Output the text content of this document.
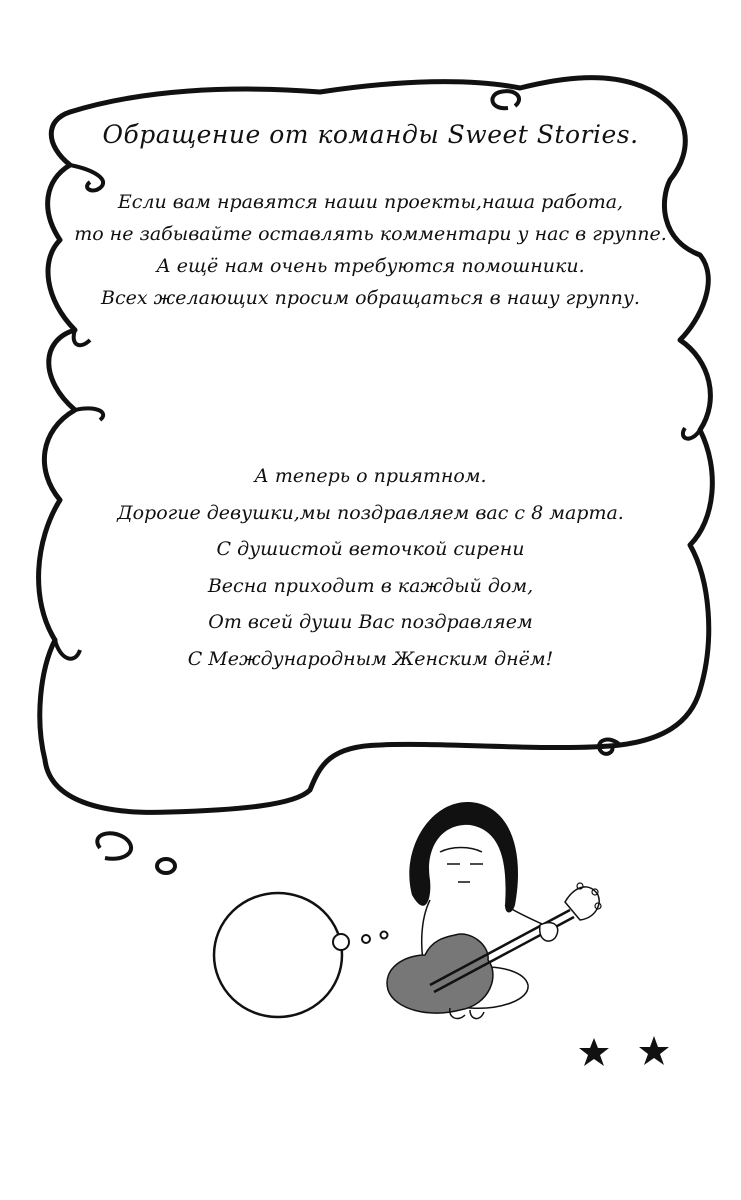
Обращение от команды Sweet Stories.
Если вам нравятся наши проекты,наша работа,
то не забывайте оставлять комментари у нас в группе.
А ещё нам очень требуются помошники.
Всех желающих просим обращаться в нашу группу.
А теперь о приятном.
Дорогие девушки,мы поздравляем вас с 8 марта.
С душистой веточкой сирени
Весна приходит в каждый дом,
От всей души Вас поздравляем
С Международным Женским днём!
